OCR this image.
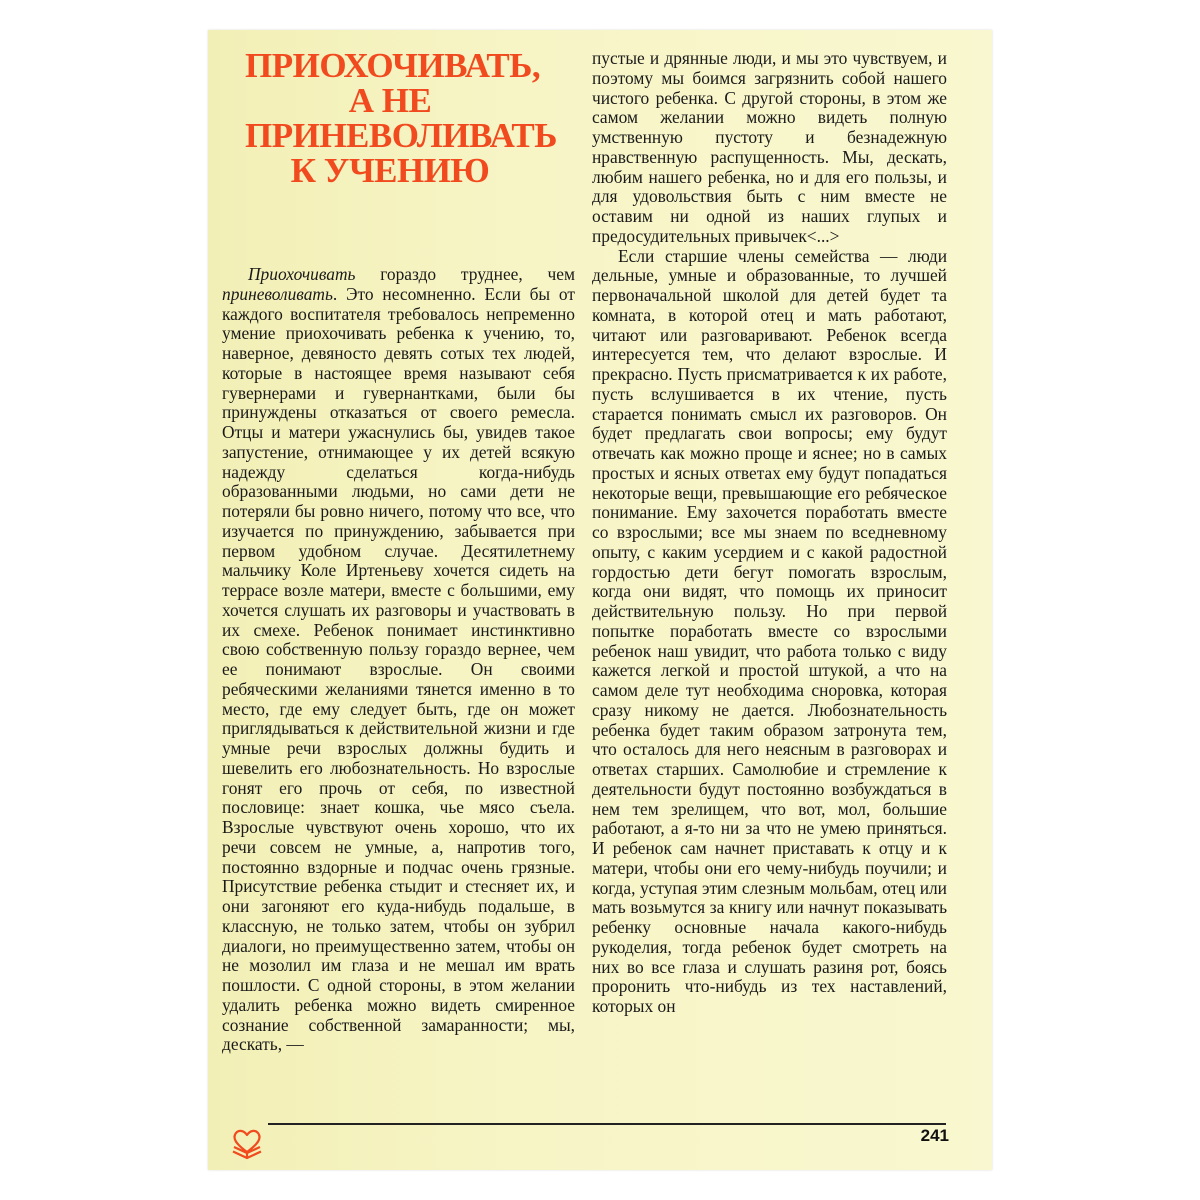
ПРИОХОЧИВАТЬ,
А НЕ
ПРИНЕВОЛИВАТЬ
К УЧЕНИЮ

Приохочивать гораздо труднее, чем приневоливать. Это несомненно. Если бы от каждого воспитателя требовалось непременно умение приохочивать ребенка к учению, то, наверное, девяносто девять сотых тех людей, которые в настоящее время называют себя гувернерами и гувернантками, были бы принуждены отказаться от своего ремесла. Отцы и матери ужаснулись бы, увидев такое запустение, отнимающее у их детей всякую надежду сделаться когда-нибудь образованными людьми, но сами дети не потеряли бы ровно ничего, потому что все, что изучается по принуждению, забывается при первом удобном случае. Десятилетнему мальчику Коле Иртеньеву хочется сидеть на террасе возле матери, вместе с большими, ему хочется слушать их разговоры и участвовать в их смехе. Ребенок понимает инстинктивно свою собственную пользу гораздо вернее, чем ее понимают взрослые. Он своими ребяческими желаниями тянется именно в то место, где ему следует быть, где он может приглядываться к действительной жизни и где умные речи взрослых должны будить и шевелить его любознательность. Но взрослые гонят его прочь от себя, по известной пословице: знает кошка, чье мясо съела. Взрослые чувствуют очень хорошо, что их речи совсем не умные, а, напротив того, постоянно вздорные и подчас очень грязные. Присутствие ребенка стыдит и стесняет их, и они загоняют его куда-нибудь подальше, в классную, не только затем, чтобы он зубрил диалоги, но преимущественно затем, чтобы он не мозолил им глаза и не мешал им врать пошлости. С одной стороны, в этом желании удалить ребенка можно видеть смиренное сознание собственной замаранности; мы, дескать, —

пустые и дрянные люди, и мы это чувствуем, и поэтому мы боимся загрязнить собой нашего чистого ребенка. С другой стороны, в этом же самом желании можно видеть полную умственную пустоту и безнадежную нравственную распущенность. Мы, дескать, любим нашего ребенка, но и для его пользы, и для удовольствия быть с ним вместе не оставим ни одной из наших глупых и предосудительных привычек<...>

Если старшие члены семейства — люди дельные, умные и образованные, то лучшей первоначальной школой для детей будет та комната, в которой отец и мать работают, читают или разговаривают. Ребенок всегда интересуется тем, что делают взрослые. И прекрасно. Пусть присматривается к их работе, пусть вслушивается в их чтение, пусть старается понимать смысл их разговоров. Он будет предлагать свои вопросы; ему будут отвечать как можно проще и яснее; но в самых простых и ясных ответах ему будут попадаться некоторые вещи, превышающие его ребяческое понимание. Ему захочется поработать вместе со взрослыми; все мы знаем по вседневному опыту, с каким усердием и с какой радостной гордостью дети бегут помогать взрослым, когда они видят, что помощь их приносит действительную пользу. Но при первой попытке поработать вместе со взрослыми ребенок наш увидит, что работа только с виду кажется легкой и простой штукой, а что на самом деле тут необходима сноровка, которая сразу никому не дается. Любознательность ребенка будет таким образом затронута тем, что осталось для него неясным в разговорах и ответах старших. Самолюбие и стремление к деятельности будут постоянно возбуждаться в нем тем зрелищем, что вот, мол, большие работают, а я-то ни за что не умею приняться. И ребенок сам начнет приставать к отцу и к матери, чтобы они его чему-нибудь поучили; и когда, уступая этим слезным мольбам, отец или мать возьмутся за книгу или начнут показывать ребенку основные начала какого-нибудь рукоделия, тогда ребенок будет смотреть на них во все глаза и слушать разиня рот, боясь проронить что-нибудь из тех наставлений, которых он

241
